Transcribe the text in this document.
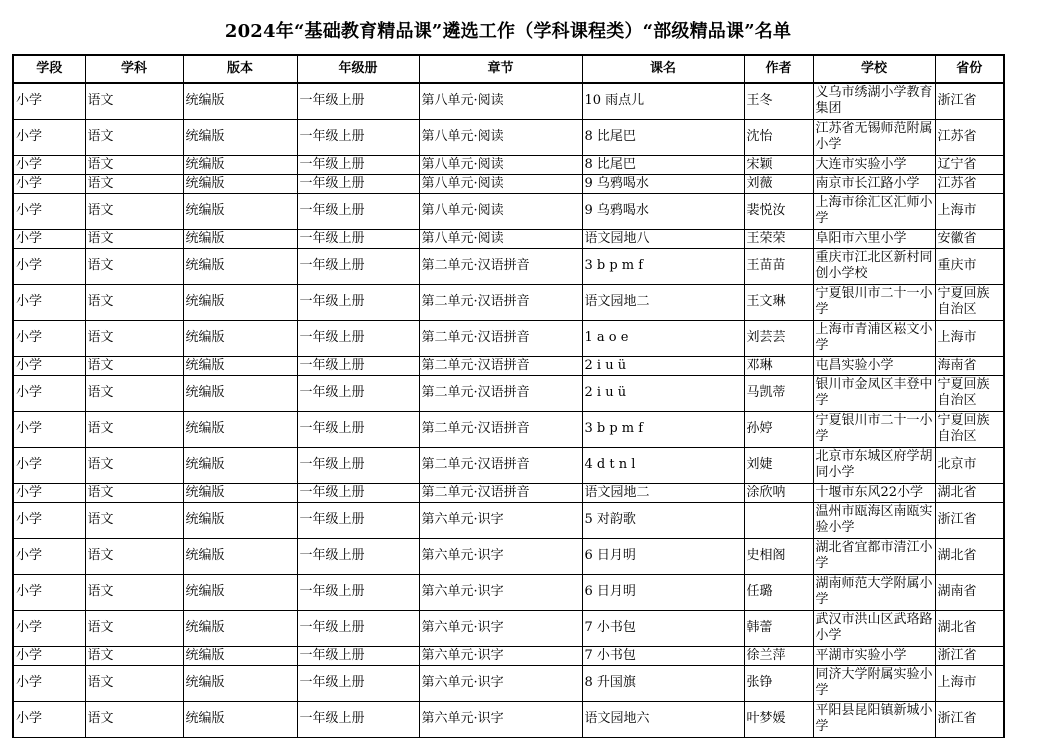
2024年“基础教育精品课”遴选工作（学科课程类）“部级精品课”名单
学段	学科	版本	年级册	章节	课名	作者	学校	省份
小学	语文	统编版	一年级上册	第八单元·阅读	10 雨点儿	王冬	义乌市绣湖小学教育集团	浙江省
小学	语文	统编版	一年级上册	第八单元·阅读	8 比尾巴	沈怡	江苏省无锡师范附属小学	江苏省
小学	语文	统编版	一年级上册	第八单元·阅读	8 比尾巴	宋颖	大连市实验小学	辽宁省
小学	语文	统编版	一年级上册	第八单元·阅读	9 乌鸦喝水	刘薇	南京市长江路小学	江苏省
小学	语文	统编版	一年级上册	第八单元·阅读	9 乌鸦喝水	裴悦汝	上海市徐汇区汇师小学	上海市
小学	语文	统编版	一年级上册	第八单元·阅读	语文园地八	王荣荣	阜阳市六里小学	安徽省
小学	语文	统编版	一年级上册	第二单元·汉语拼音	3 b p m f	王苗苗	重庆市江北区新村同创小学校	重庆市
小学	语文	统编版	一年级上册	第二单元·汉语拼音	语文园地二	王文琳	宁夏银川市二十一小学	宁夏回族自治区
小学	语文	统编版	一年级上册	第二单元·汉语拼音	1 a o e	刘芸芸	上海市青浦区崧文小学	上海市
小学	语文	统编版	一年级上册	第二单元·汉语拼音	2 i u ü	邓琳	屯昌实验小学	海南省
小学	语文	统编版	一年级上册	第二单元·汉语拼音	2 i u ü	马凯蒂	银川市金凤区丰登中学	宁夏回族自治区
小学	语文	统编版	一年级上册	第二单元·汉语拼音	3 b p m f	孙婷	宁夏银川市二十一小学	宁夏回族自治区
小学	语文	统编版	一年级上册	第二单元·汉语拼音	4 d t n l	刘婕	北京市东城区府学胡同小学	北京市
小学	语文	统编版	一年级上册	第二单元·汉语拼音	语文园地二	涂欣呐	十堰市东风22小学	湖北省
小学	语文	统编版	一年级上册	第六单元·识字	5 对韵歌		温州市瓯海区南瓯实验小学	浙江省
小学	语文	统编版	一年级上册	第六单元·识字	6 日月明	史相阁	湖北省宜都市清江小学	湖北省
小学	语文	统编版	一年级上册	第六单元·识字	6 日月明	任璐	湖南师范大学附属小学	湖南省
小学	语文	统编版	一年级上册	第六单元·识字	7 小书包	韩蕾	武汉市洪山区武珞路小学	湖北省
小学	语文	统编版	一年级上册	第六单元·识字	7 小书包	徐兰萍	平湖市实验小学	浙江省
小学	语文	统编版	一年级上册	第六单元·识字	8 升国旗	张铮	同济大学附属实验小学	上海市
小学	语文	统编版	一年级上册	第六单元·识字	语文园地六	叶梦媛	平阳县昆阳镇新城小学	浙江省
